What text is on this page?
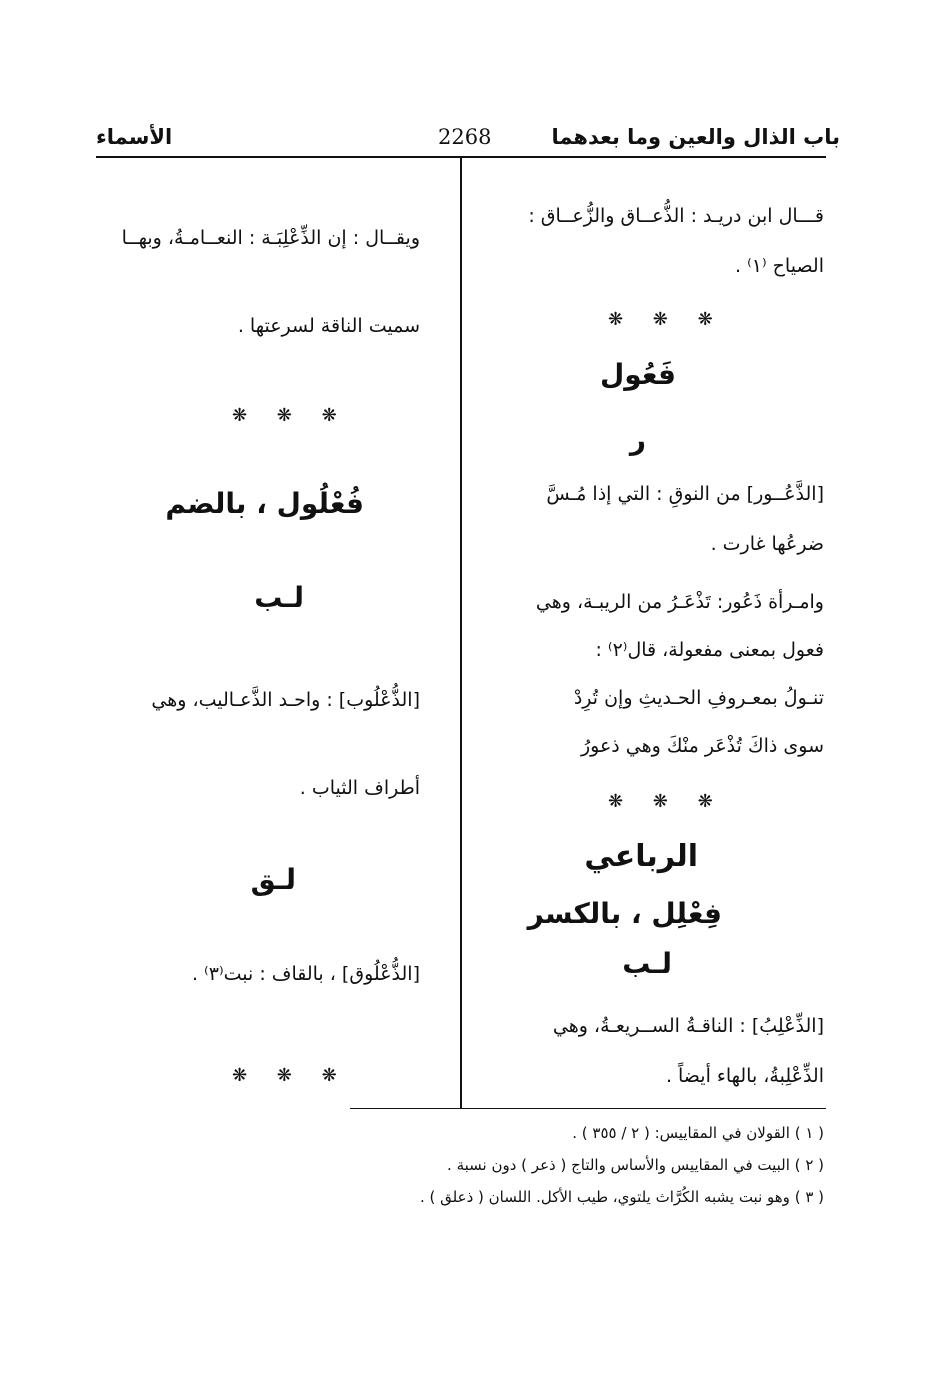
باب الذال والعين وما بعدهما
2268
الأسماء
قـــال ابن دريـد : الذُّعــاق والزُّعــاق :
الصياح ⁽١⁾ .
❋ ❋ ❋
فَعُول
ر
[الذَّعُــور] من النوقِ : التي إذا مُـسَّ
ضرعُها غارت .
وامـرأة ذَعُور: تَذْعَـرُ من الريبـة، وهي
فعول بمعنى مفعولة، قال⁽٢⁾ :
تنـولُ بمعـروفِ الحـديثِ وإن تُرِدْ
سوى ذاكَ تُذْعَر منْكَ وهي ذعورُ
❋ ❋ ❋
الرباعي
فِعْلِل ، بالكسر
لـب
[الذِّعْلِبُ] : الناقـةُ الســريعـةُ، وهي
الذِّعْلِبةُ، بالهاء أيضاً .
ويقــال : إن الذِّعْلِبَـة : النعــامـةُ، وبهــا
سميت الناقة لسرعتها .
❋ ❋ ❋
فُعْلُول ، بالضم
لـب
[الذُّعْلُوب] : واحـد الذَّعـاليب، وهي
أطراف الثياب .
لـق
[الذُّعْلُوق] ، بالقاف : نبت⁽٣⁾ .
❋ ❋ ❋
( ١ ) القولان في المقاييس: ( ٢ / ٣٥٥ ) .
( ٢ ) البيت في المقاييس والأساس والتاج ( ذعر ) دون نسبة .
( ٣ ) وهو نبت يشبه الكُرَّاث يلتوي، طيب الأكل. اللسان ( ذعلق ) .
